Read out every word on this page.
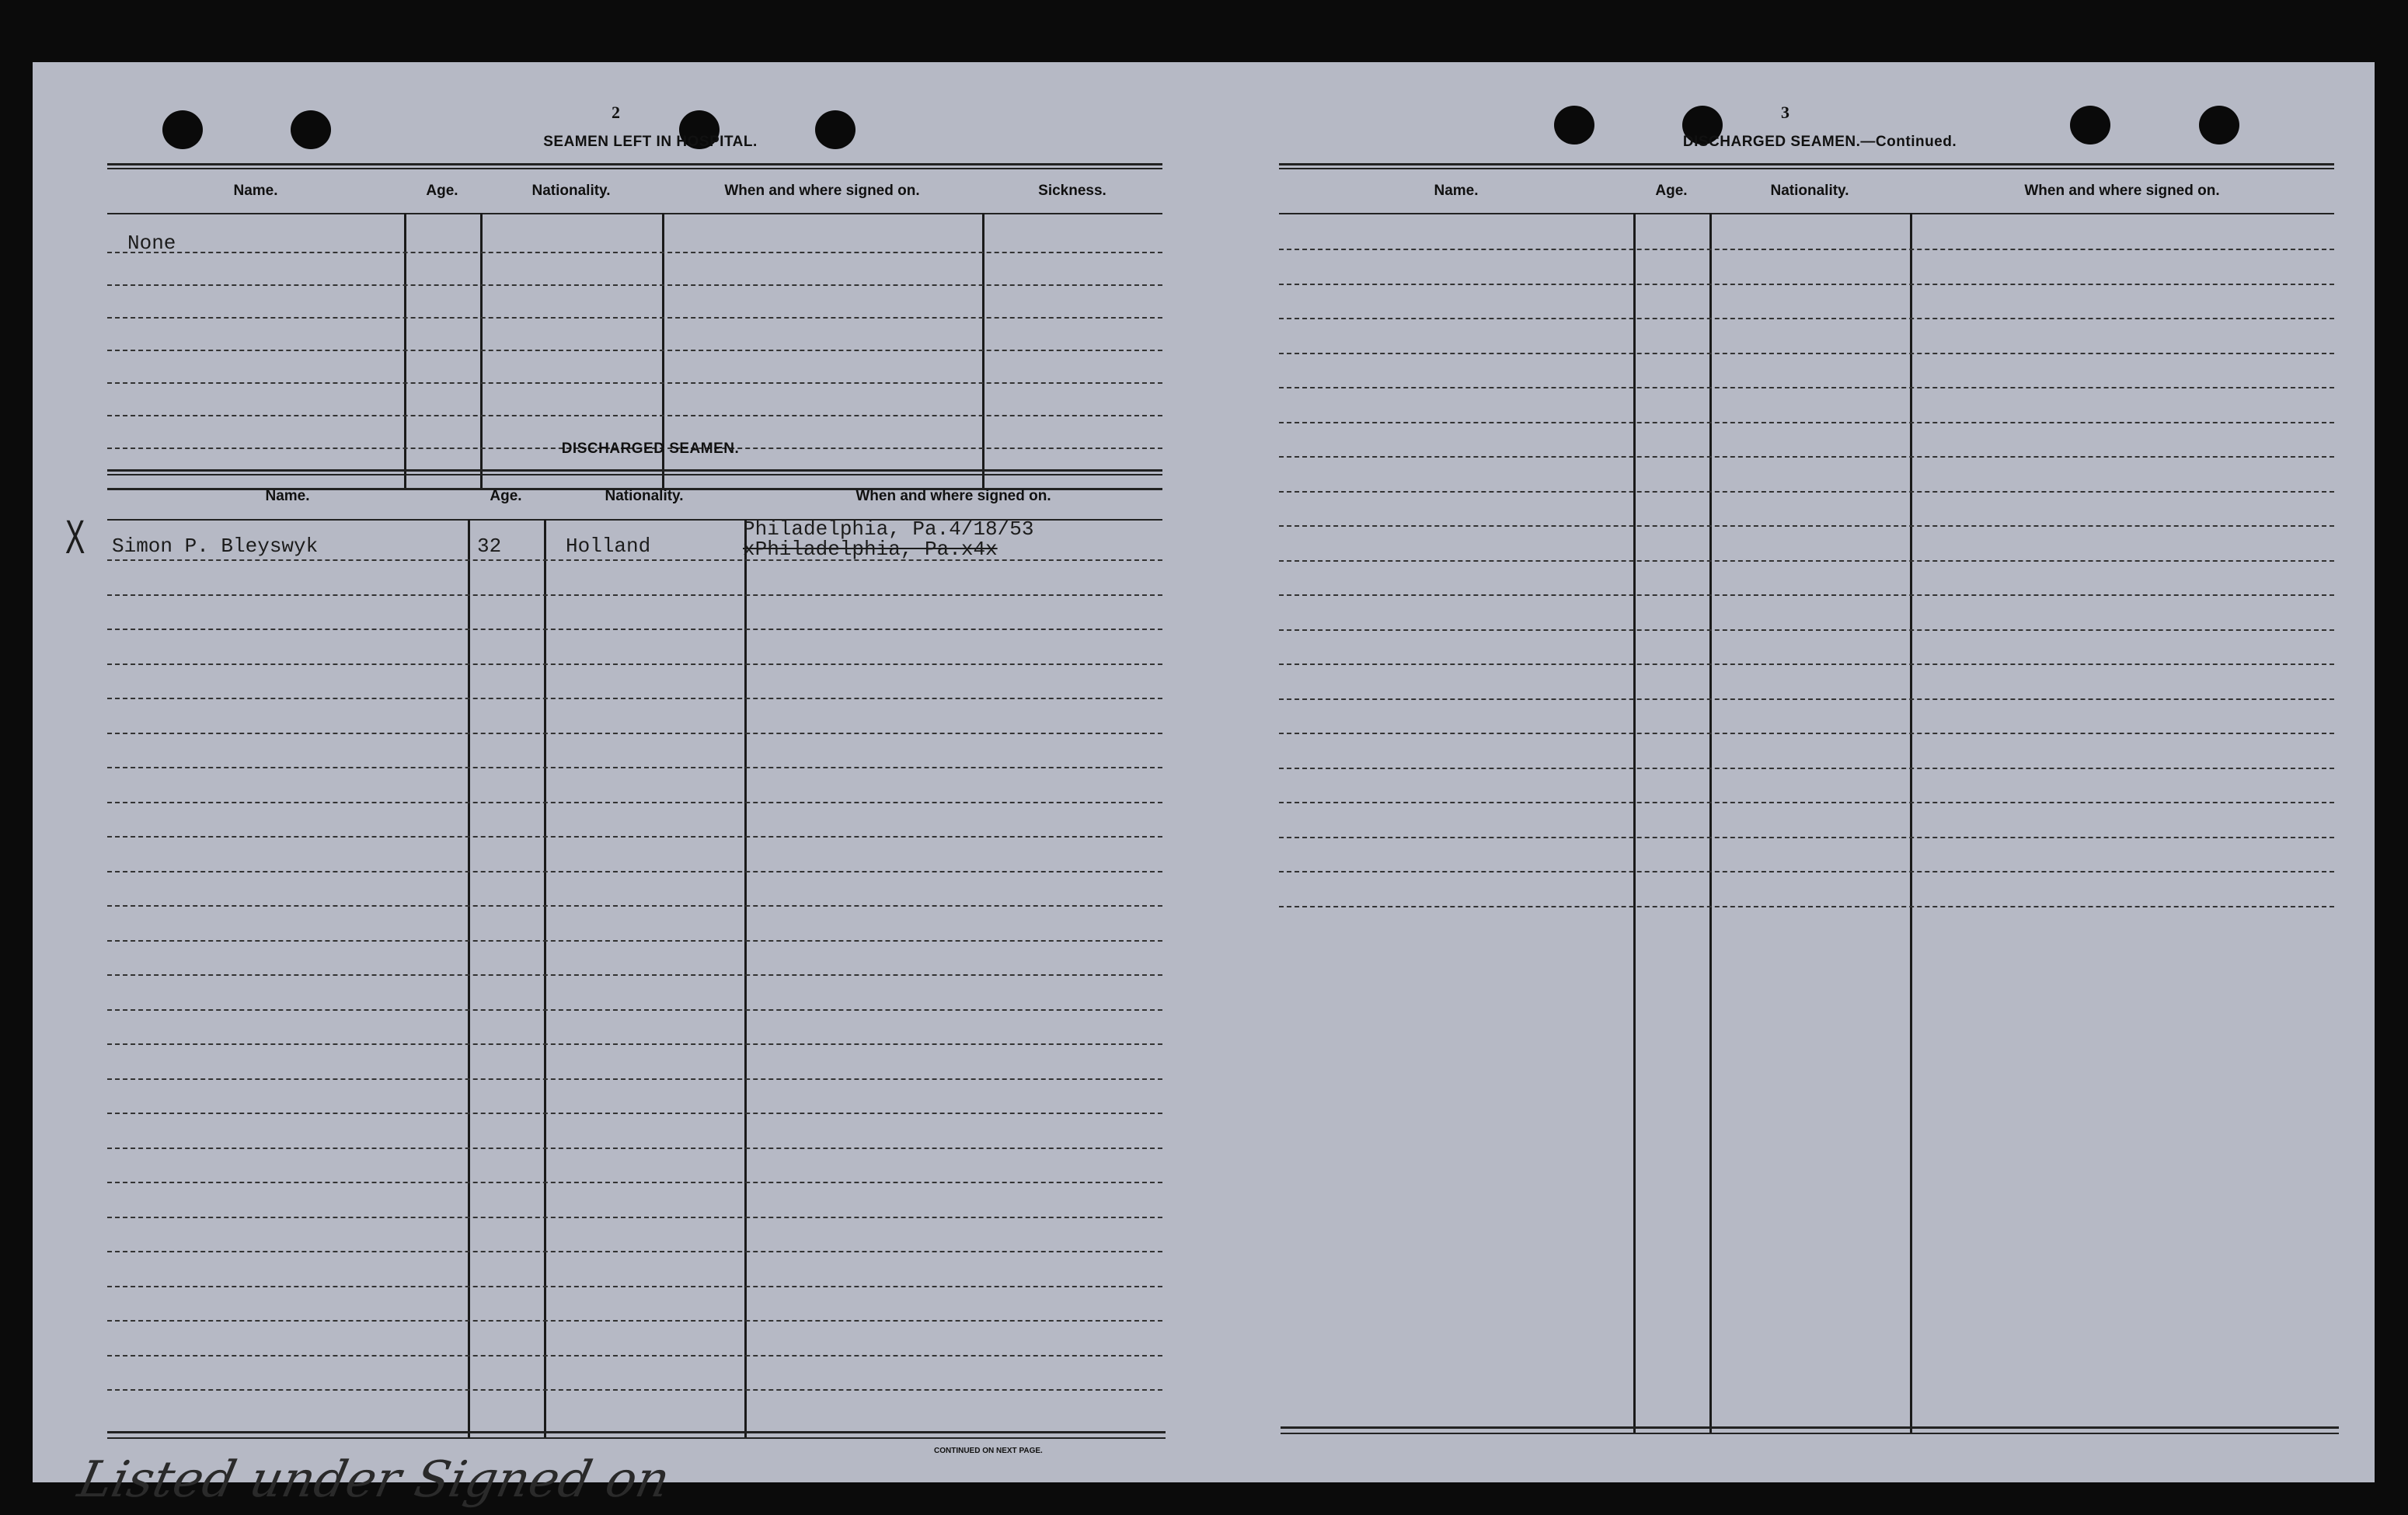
2
SEAMEN LEFT IN HOSPITAL.
Name.	Age.	Nationality.	When and where signed on.	Sickness.
None
DISCHARGED SEAMEN.
Name.	Age.	Nationality.	When and where signed on.
X Simon P. Bleyswyk	32	Holland
Philadelphia, Pa.4/18/53
xPhiladelphia, Pa.x4x
CONTINUED ON NEXT PAGE.
Listed under Signed on
3
DISCHARGED SEAMEN.—Continued.
Name.	Age.	Nationality.	When and where signed on.
